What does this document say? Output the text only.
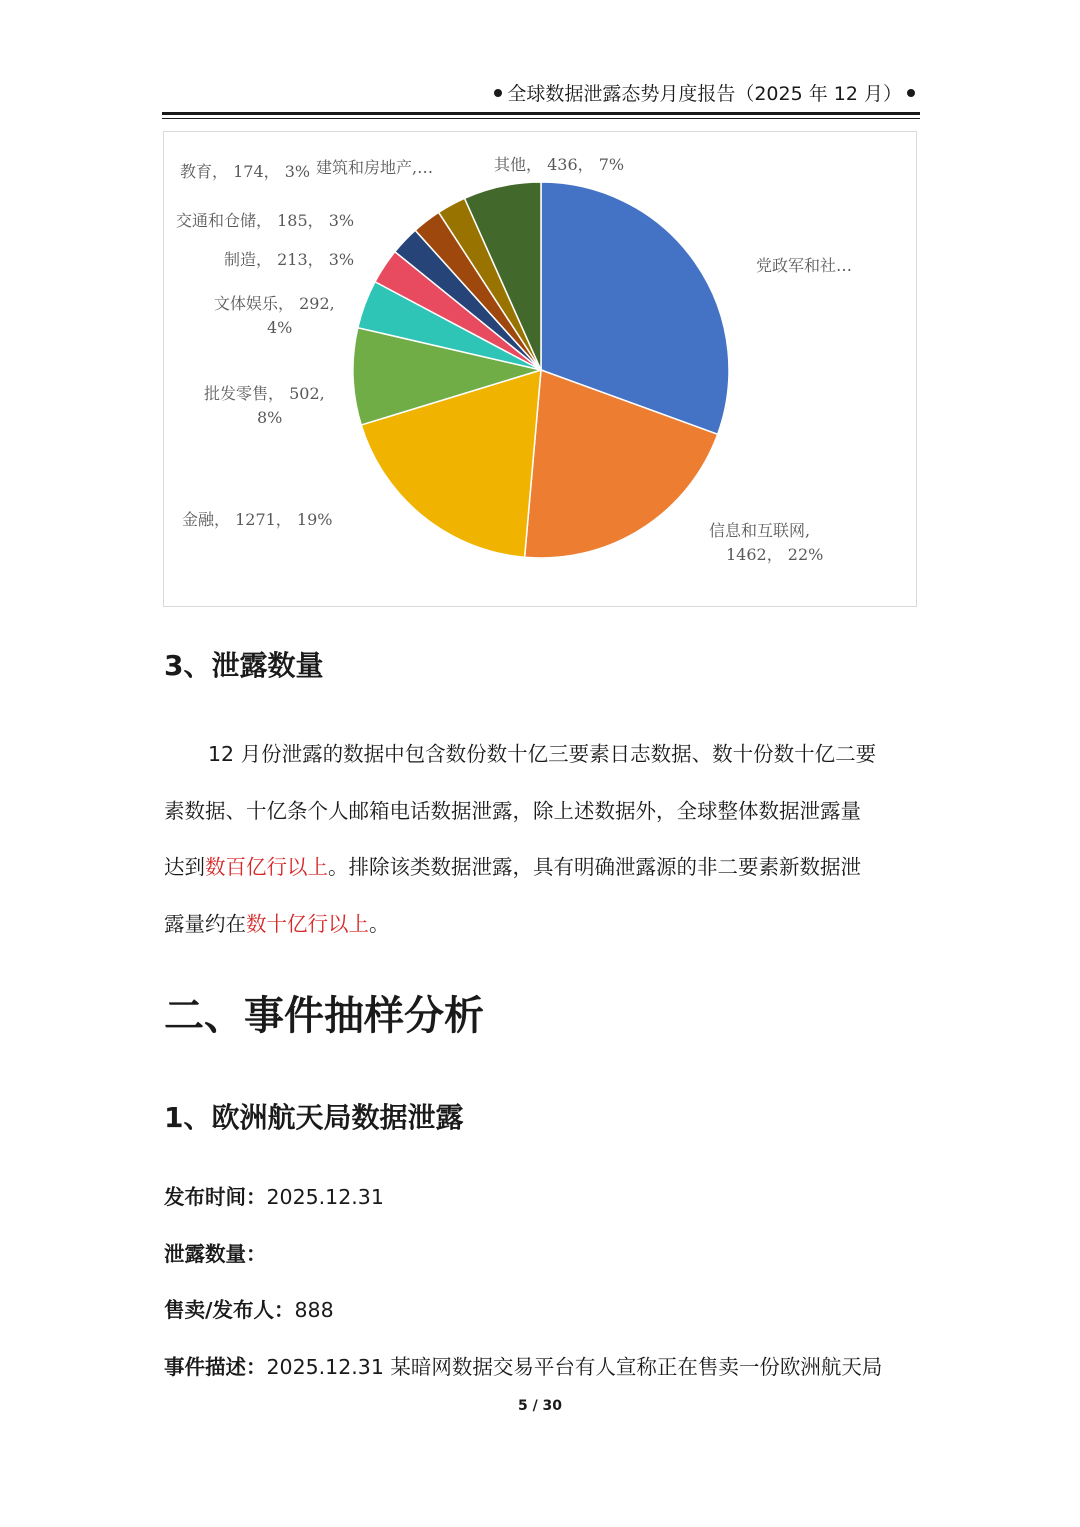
全球数据泄露态势月度报告（2025 年 12 月）
党政军和社…
信息和互联网,
1462， 22%
金融， 1271， 19%
批发零售， 502,
8%
文体娱乐， 292,
4%
制造， 213， 3%
交通和仓储， 185， 3%
建筑和房地产,…
教育， 174， 3%	其他， 436， 7%
3、泄露数量

12 月份泄露的数据中包含数份数十亿三要素日志数据、数十份数十亿二要
素数据、十亿条个人邮箱电话数据泄露，除上述数据外，全球整体数据泄露量
达到数百亿行以上。排除该类数据泄露，具有明确泄露源的非二要素新数据泄
露量约在数十亿行以上。

二、事件抽样分析
1、欧洲航天局数据泄露

发布时间：2025.12.31

泄露数量：

售卖/发布人：888

事件描述：2025.12.31 某暗网数据交易平台有人宣称正在售卖一份欧洲航天局

5 / 30
